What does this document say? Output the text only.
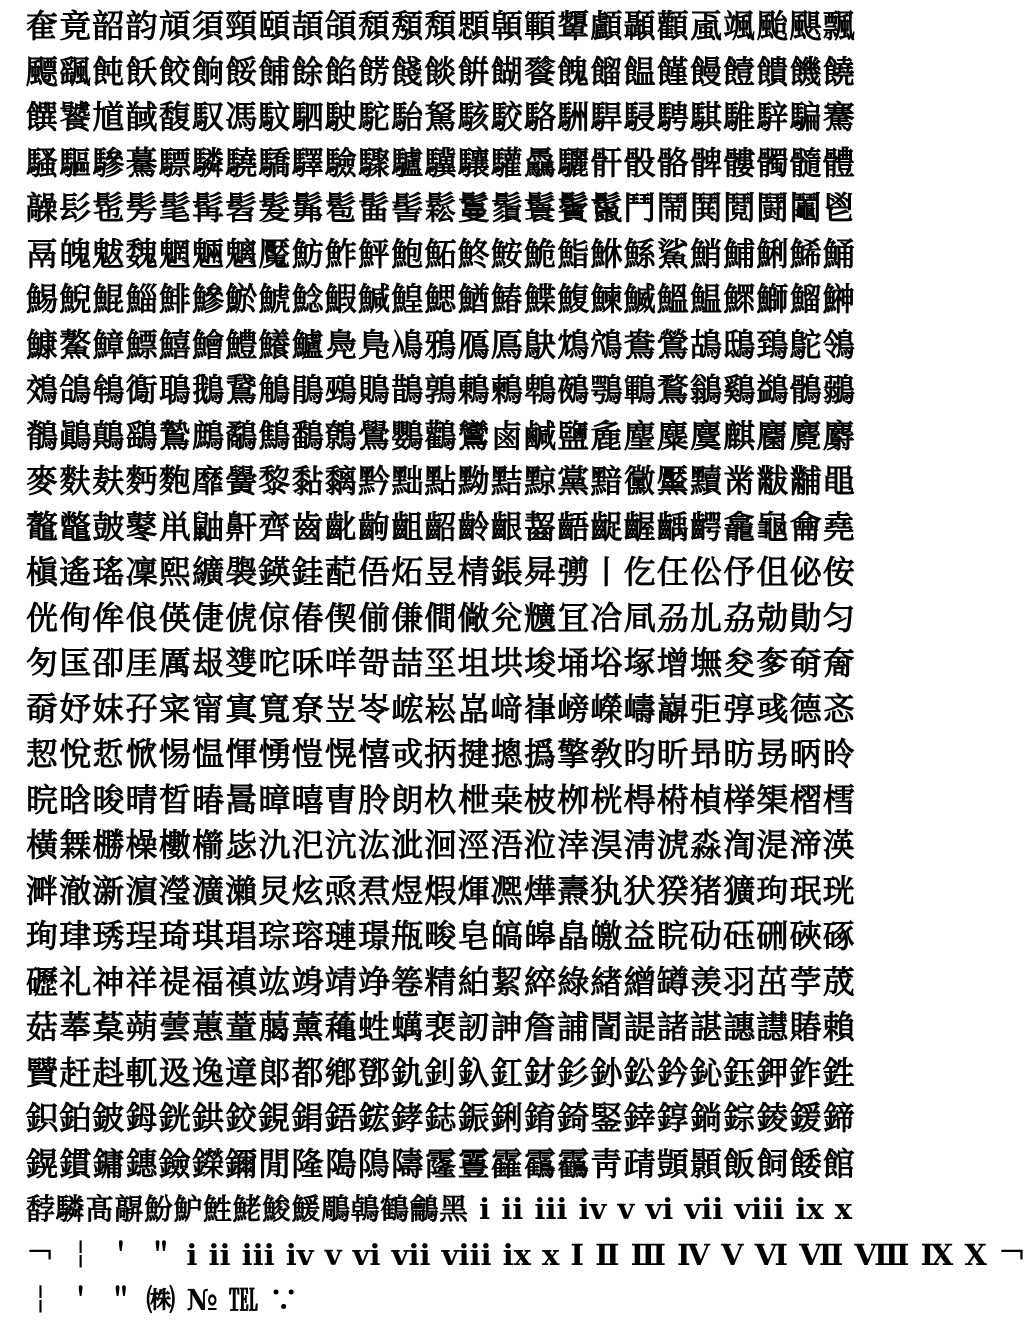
奞竟韶韵頏須頸頤頡頜頹頺頽顋顊顐顰顱顳顴颪颯颱颶飄
飃颻飩飫餃餉餒餔餘餡餝餞餤餠餬餮餽餾饂饉饅饐饋饑饒
饌饕馗馘馥馭馮馼駟駛駝駘駑駭駮駱駲駻駸騁騏騅騂騙騫
騷驅驂驀驃驎驍驕驛驗驟驢驥驤驩驫驪骭骰骼髀髏髑髓體
髞髟髢髣髦髯髫髮髴髱髷髻鬆鬘鬚鬟鬢鬣鬥鬧鬨鬩鬪鬮鬯
鬲魄魃魏魍魎魑魘魴鮓鮃鮑鮖鮗鮟鮠鮨鮴鯀鯊鮹鯆鯏鯑鯒
鯣鯢鯤鯔鯡鰺鯲鯱鯰鰕鰔鰉鰓鰌鰆鰈鰒鰊鰄鰮鰛鰥鰤鰡鰰
鱇鰲鱆鰾鱚鱠鱧鱶鱸鳧鳬鳰鴉鴈鳫鴃鴆鴪鴦鶯鴣鴟鵄鴕鴒
鵁鴿鴾鵆鵈鵝鵞鵤鵑鵐鵙鵲鶉鶇鶫鵯鵺鶚鶤鶩鶲鷄鷁鶻鶸
鶺鷆鷏鷂鷙鷓鷸鷦鷭鷯鷽鸚鸛鸞鹵鹹鹽麁麈麋麌麒麕麑麝
麥麩麸麪麭靡黌黎黏黐黔黜點黝黠黥黨黯黴黶黷黹黻黼黽
鼇鼈皷鼕鼡鼬鼾齊齒齔齣齟齠齡齦齧齬齪齷齲齶龕龜龠堯
槇遙瑤凜熙纊褜鍈銈蓜俉炻昱棈鋹曻彅丨仡仼伀伃伹佖侒
侊侚侔俍偀倢俿倞偆偰偂傔僴僘兊兤冝冾凬刕劜劦勀勛匀
匇匤卲厓厲叝﨎咜咊咩哿喆坙坥垬埈埇﨏塚增墲夋奓奛奝
奣妤妺孖寀甯寘寬尞岦岺峵崧嵓﨑嵂嵭嶸嶹巐弡弴彧德忞
恝悅悊惞惕愠惲愑愷愰憘戓抦揵摠撝擎敎昀昕昻昉昮昞昤
晥晗晙晴晳暙暠暲暿曺朎朗杦枻桒柀栁桄棏﨓楨﨔榘槢樰
橫橆橳橾櫢櫤毖氿汜沆汯泚洄涇浯涖涬淏淸淲淼渹湜渧渶
溿澈澵濵瀅瀇瀨炅炫焏焄煜煆煇凞燁燾犱犾猤猪獷玽珉珖
珣珒琇珵琦琪琩琮瑢璉璟甁畯皂皜皞皛皦益睆劯砡硎硤硺
礰礼神祥禔福禛竑竧靖竫箞精絈絜綷綠緖繒罇羡羽茁荢荿
菇菶葈蒴蕓蕙蕫﨟薰蘒﨡蠇裵訒訷詹誧誾諟諸諶譓譿賰賴
贒赶﨣軏﨤逸遧郞都鄕鄧釚釗釞釭釮釤釥鈆鈐鈊鈺鉀鈼鉎
鉙鉑鈹鉧銧鉷鉸鋧鋗鋙鋐﨧鋕鋠鋓錥錡鋻﨨錞鋿錝錂鍰鍗
鎤鏆鏞鏸鐱鑅鑈閒隆﨩隝隯霳霻靃靍靏靑靕顗顥飯飼餧館
馞驎髙髜魵魲鮏鮱鮻鰀鵰鵫鶴鸙黑 ⅰ ⅱ ⅲ ⅳ ⅴ ⅵ ⅶ ⅷ ⅸ ⅹ
￢ ￤ ＇ ＂ ⅰ ⅱ ⅲ ⅳ ⅴ ⅵ ⅶ ⅷ ⅸ ⅹ Ⅰ Ⅱ Ⅲ Ⅳ Ⅴ Ⅵ Ⅶ Ⅷ Ⅸ Ⅹ ￢
￤ ＇ ＂ ㈱ № ℡ ∵
